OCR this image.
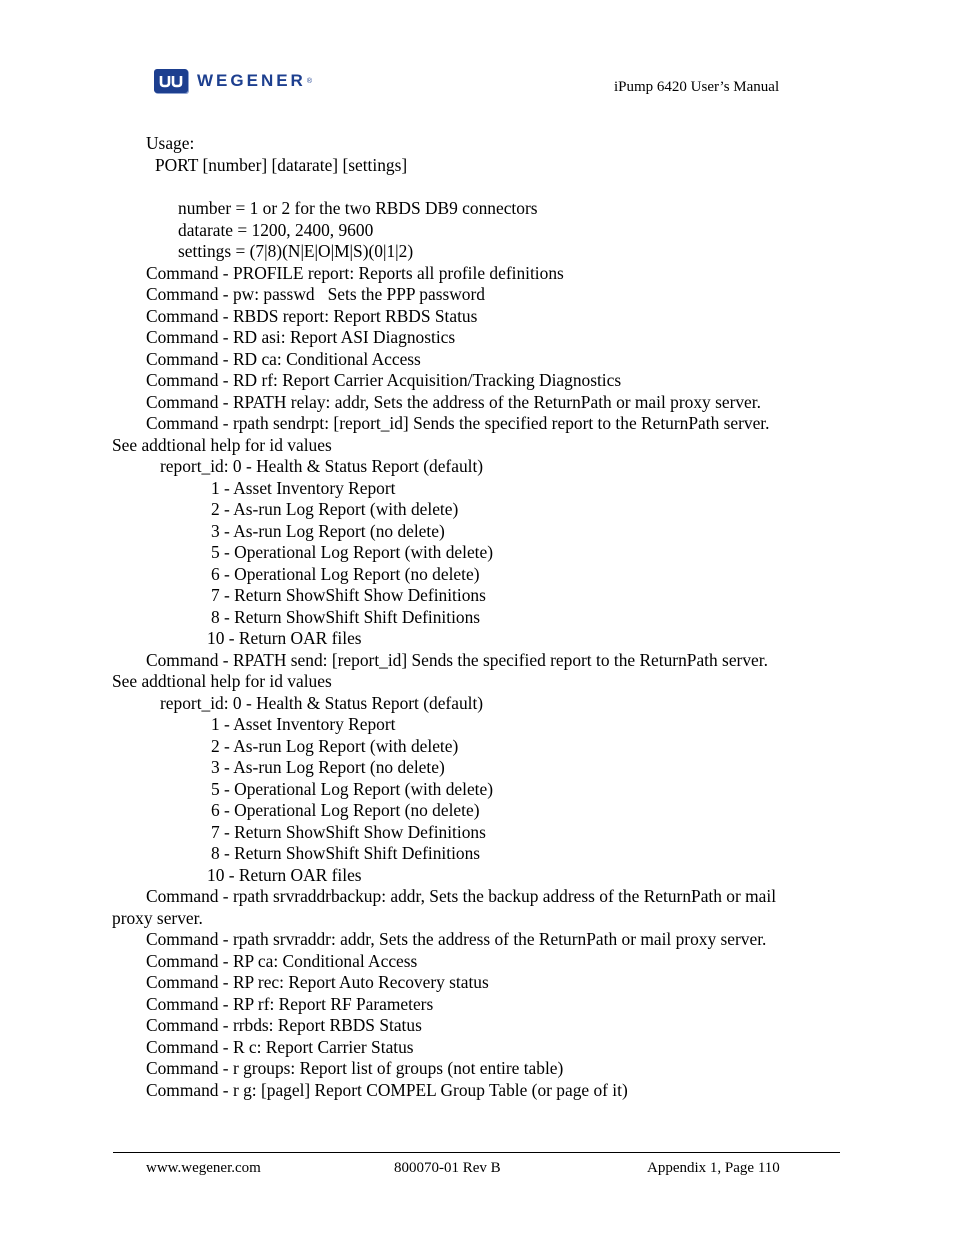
WEGENER ®	iPump 6420 User’s Manual
Usage:
PORT [number] [datarate] [settings]
number = 1 or 2 for the two RBDS DB9 connectors
datarate = 1200, 2400, 9600
settings = (7|8)(N|E|O|M|S)(0|1|2)
Command - PROFILE report: Reports all profile definitions
Command - pw: passwd   Sets the PPP password
Command - RBDS report: Report RBDS Status
Command - RD asi: Report ASI Diagnostics
Command - RD ca: Conditional Access
Command - RD rf: Report Carrier Acquisition/Tracking Diagnostics
Command - RPATH relay: addr, Sets the address of the ReturnPath or mail proxy server.
Command - rpath sendrpt: [report_id] Sends the specified report to the ReturnPath server.
See addtional help for id values
report_id: 0 - Health & Status Report (default)
1 - Asset Inventory Report
2 - As-run Log Report (with delete)
3 - As-run Log Report (no delete)
5 - Operational Log Report (with delete)
6 - Operational Log Report (no delete)
7 - Return ShowShift Show Definitions
8 - Return ShowShift Shift Definitions
10 - Return OAR files
Command - RPATH send: [report_id] Sends the specified report to the ReturnPath server.
See addtional help for id values
report_id: 0 - Health & Status Report (default)
1 - Asset Inventory Report
2 - As-run Log Report (with delete)
3 - As-run Log Report (no delete)
5 - Operational Log Report (with delete)
6 - Operational Log Report (no delete)
7 - Return ShowShift Show Definitions
8 - Return ShowShift Shift Definitions
10 - Return OAR files
Command - rpath srvraddrbackup: addr, Sets the backup address of the ReturnPath or mail
proxy server.
Command - rpath srvraddr: addr, Sets the address of the ReturnPath or mail proxy server.
Command - RP ca: Conditional Access
Command - RP rec: Report Auto Recovery status
Command - RP rf: Report RF Parameters
Command - rrbds: Report RBDS Status
Command - R c: Report Carrier Status
Command - r groups: Report list of groups (not entire table)
Command - r g: [pagel] Report COMPEL Group Table (or page of it)
www.wegener.com	800070-01 Rev B	Appendix 1, Page 110
